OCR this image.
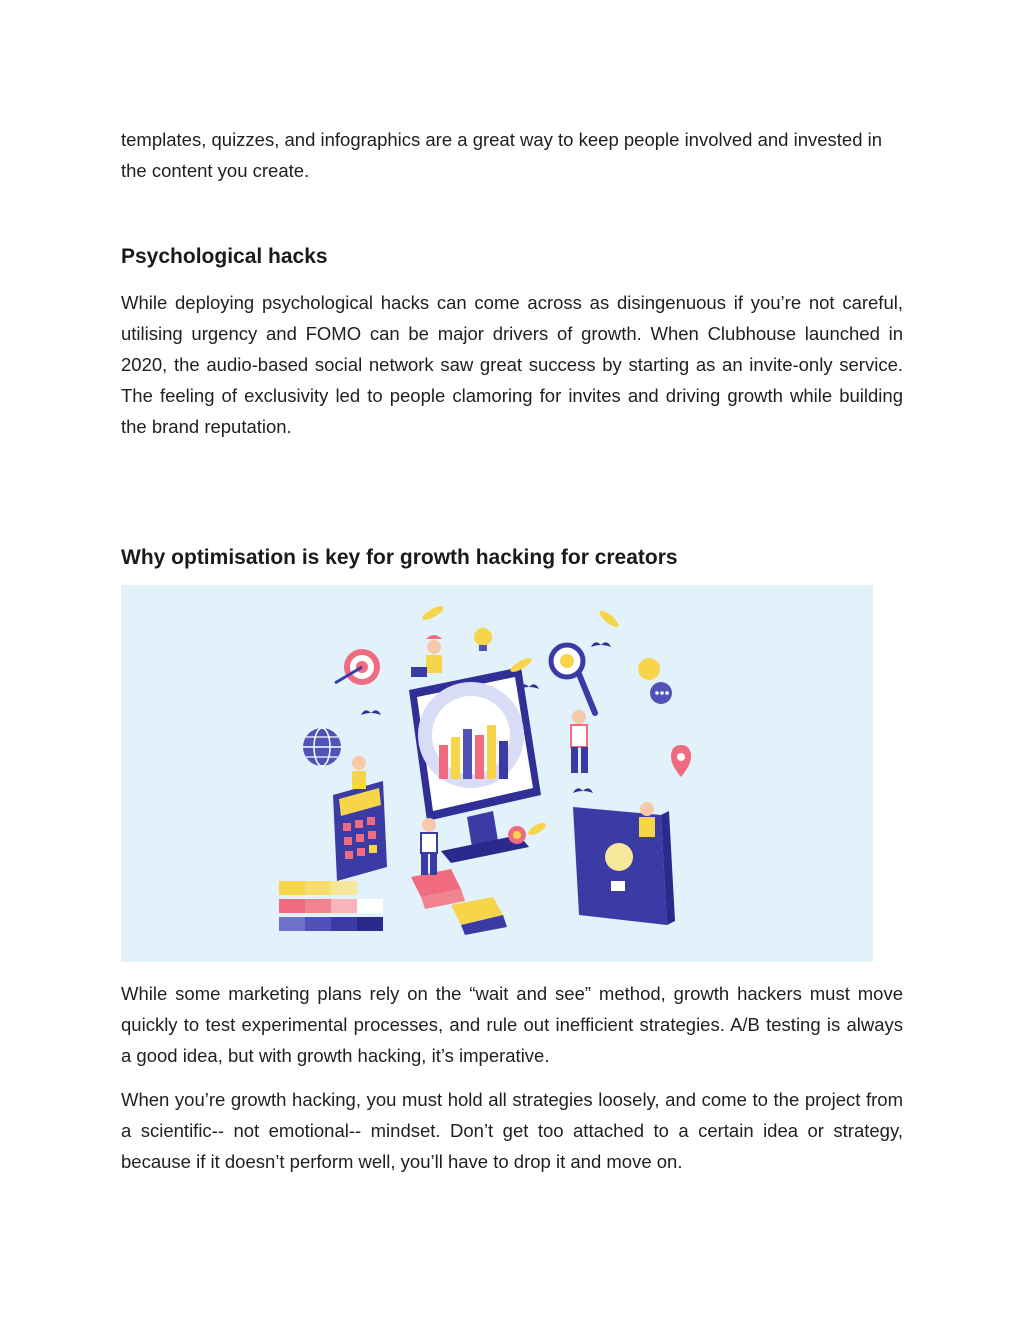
templates, quizzes, and infographics are a great way to keep people involved and invested in the content you create.

Psychological hacks

While deploying psychological hacks can come across as disingenuous if you’re not careful, utilising urgency and FOMO can be major drivers of growth. When Clubhouse launched in 2020, the audio-based social network saw great success by starting as an invite-only service. The feeling of exclusivity led to people clamoring for invites and driving growth while building the brand reputation.

Why optimisation is key for growth hacking for creators

While some marketing plans rely on the “wait and see” method, growth hackers must move quickly to test experimental processes, and rule out inefficient strategies. A/B testing is always a good idea, but with growth hacking, it’s imperative.

When you’re growth hacking, you must hold all strategies loosely, and come to the project from a scientific-- not emotional-- mindset. Don’t get too attached to a certain idea or strategy, because if it doesn’t perform well, you’ll have to drop it and move on.
